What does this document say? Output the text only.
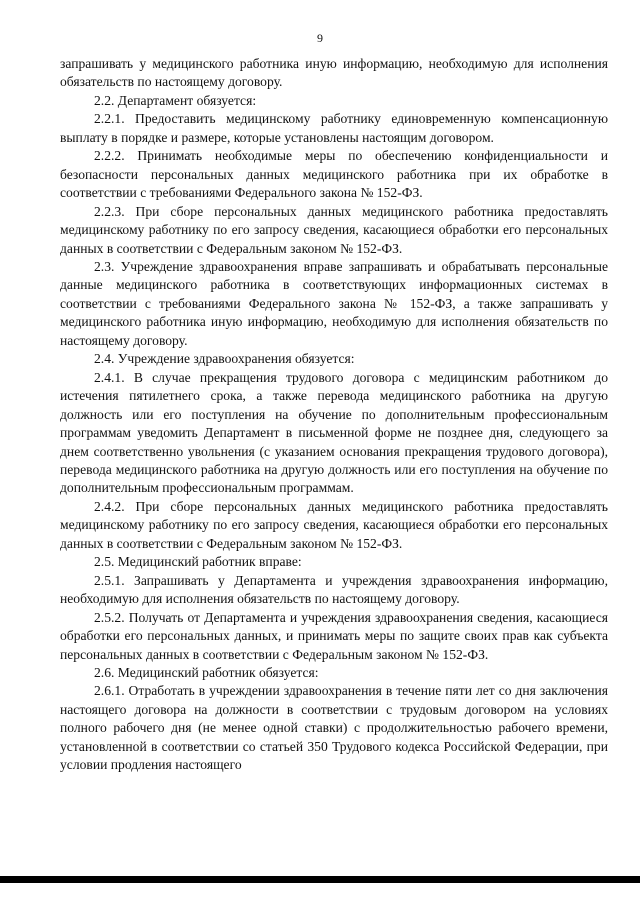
9

запрашивать у медицинского работника иную информацию, необходимую для исполнения обязательств по настоящему договору.

2.2. Департамент обязуется:

2.2.1. Предоставить медицинскому работнику единовременную компенсационную выплату в порядке и размере, которые установлены настоящим договором.

2.2.2. Принимать необходимые меры по обеспечению конфиденциальности и безопасности персональных данных медицинского работника при их обработке в соответствии с требованиями Федерального закона № 152-ФЗ.

2.2.3. При сборе персональных данных медицинского работника предоставлять медицинскому работнику по его запросу сведения, касающиеся обработки его персональных данных в соответствии с Федеральным законом № 152-ФЗ.

2.3. Учреждение здравоохранения вправе запрашивать и обрабатывать персональные данные медицинского работника в соответствующих информационных системах в соответствии с требованиями Федерального закона № 152-ФЗ, а также запрашивать у медицинского работника иную информацию, необходимую для исполнения обязательств по настоящему договору.

2.4. Учреждение здравоохранения обязуется:

2.4.1. В случае прекращения трудового договора с медицинским работником до истечения пятилетнего срока, а также перевода медицинского работника на другую должность или его поступления на обучение по дополнительным профессиональным программам уведомить Департамент в письменной форме не позднее дня, следующего за днем соответственно увольнения (с указанием основания прекращения трудового договора), перевода медицинского работника на другую должность или его поступления на обучение по дополнительным профессиональным программам.

2.4.2. При сборе персональных данных медицинского работника предоставлять медицинскому работнику по его запросу сведения, касающиеся обработки его персональных данных в соответствии с Федеральным законом № 152-ФЗ.

2.5. Медицинский работник вправе:

2.5.1. Запрашивать у Департамента и учреждения здравоохранения информацию, необходимую для исполнения обязательств по настоящему договору.

2.5.2. Получать от Департамента и учреждения здравоохранения сведения, касающиеся обработки его персональных данных, и принимать меры по защите своих прав как субъекта персональных данных в соответствии с Федеральным законом № 152-ФЗ.

2.6. Медицинский работник обязуется:

2.6.1. Отработать в учреждении здравоохранения в течение пяти лет со дня заключения настоящего договора на должности в соответствии с трудовым договором на условиях полного рабочего дня (не менее одной ставки) с продолжительностью рабочего времени, установленной в соответствии со статьей 350 Трудового кодекса Российской Федерации, при условии продления настоящего
